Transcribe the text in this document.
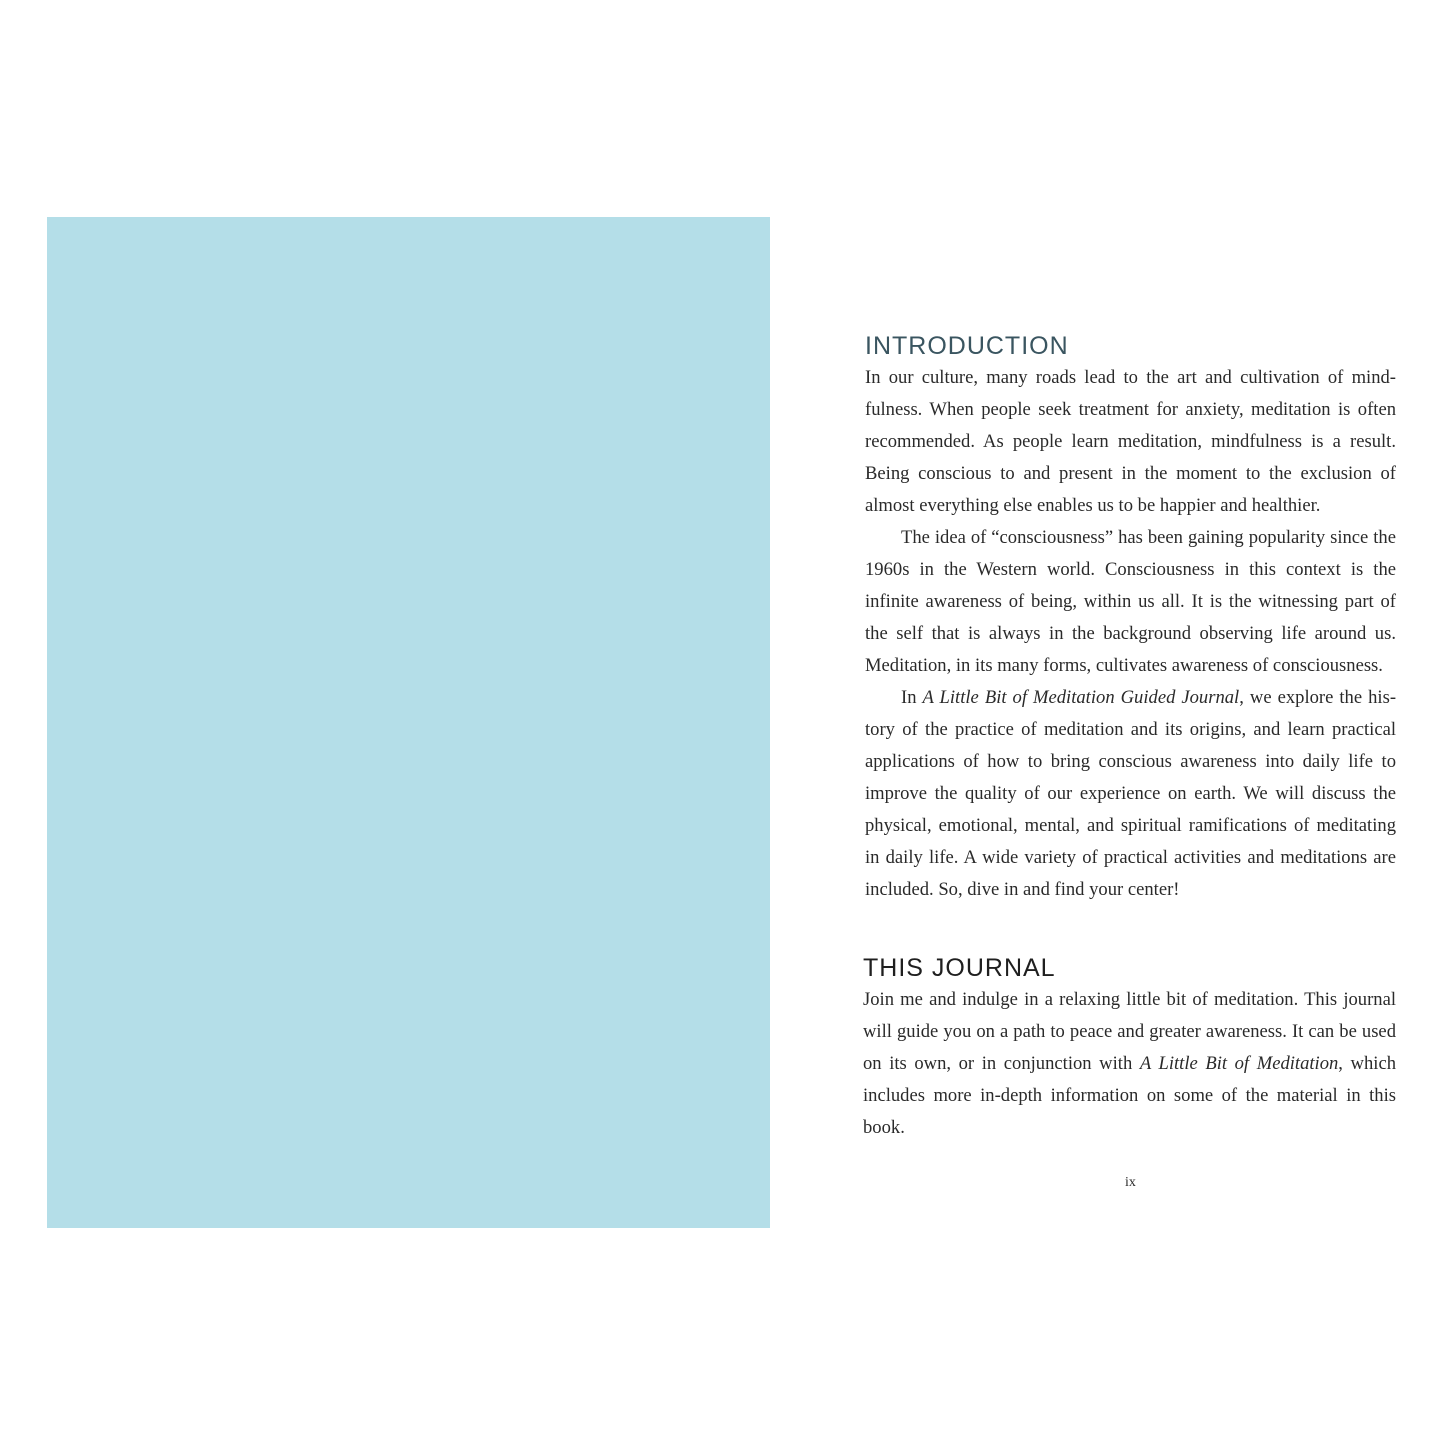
INTRODUCTION

In our culture, many roads lead to the art and cultivation of mindfulness. When people seek treatment for anxiety, meditation is often recommended. As people learn meditation, mindfulness is a result. Being conscious to and present in the moment to the exclusion of almost everything else enables us to be happier and healthier.

The idea of “consciousness” has been gaining popularity since the 1960s in the Western world. Consciousness in this context is the infinite awareness of being, within us all. It is the witnessing part of the self that is always in the background observing life around us. Meditation, in its many forms, cultivates awareness of consciousness.

In A Little Bit of Meditation Guided Journal, we explore the history of the practice of meditation and its origins, and learn practical applications of how to bring conscious awareness into daily life to improve the quality of our experience on earth. We will discuss the physical, emotional, mental, and spiritual ramifications of meditating in daily life. A wide variety of practical activities and meditations are included. So, dive in and find your center!

THIS JOURNAL

Join me and indulge in a relaxing little bit of meditation. This journal will guide you on a path to peace and greater awareness. It can be used on its own, or in conjunction with A Little Bit of Meditation, which includes more in-depth information on some of the material in this book.

ix
